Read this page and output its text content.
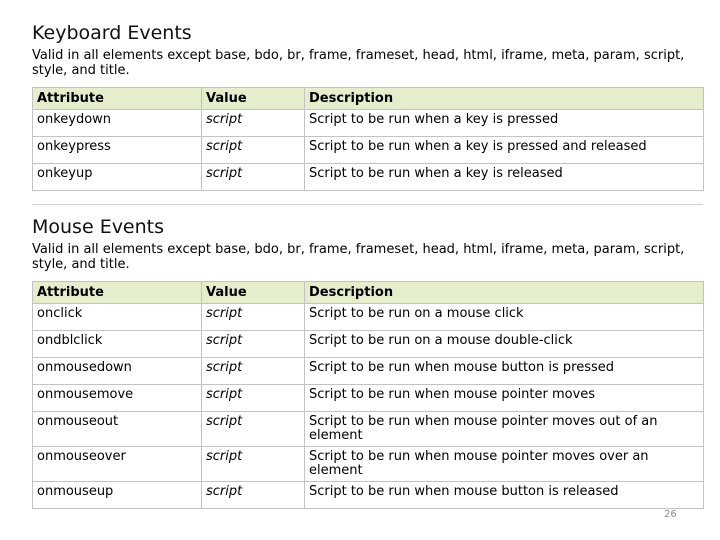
Keyboard Events

Valid in all elements except base, bdo, br, frame, frameset, head, html, iframe, meta, param, script, style, and title.

Attribute	Value	Description
onkeydown	script	Script to be run when a key is pressed
onkeypress	script	Script to be run when a key is pressed and released
onkeyup	script	Script to be run when a key is released
Mouse Events

Valid in all elements except base, bdo, br, frame, frameset, head, html, iframe, meta, param, script, style, and title.

Attribute	Value	Description
onclick	script	Script to be run on a mouse click
ondblclick	script	Script to be run on a mouse double-click
onmousedown	script	Script to be run when mouse button is pressed
onmousemove	script	Script to be run when mouse pointer moves
onmouseout	script	Script to be run when mouse pointer moves out of an element
onmouseover	script	Script to be run when mouse pointer moves over an element
onmouseup	script	Script to be run when mouse button is released
26
